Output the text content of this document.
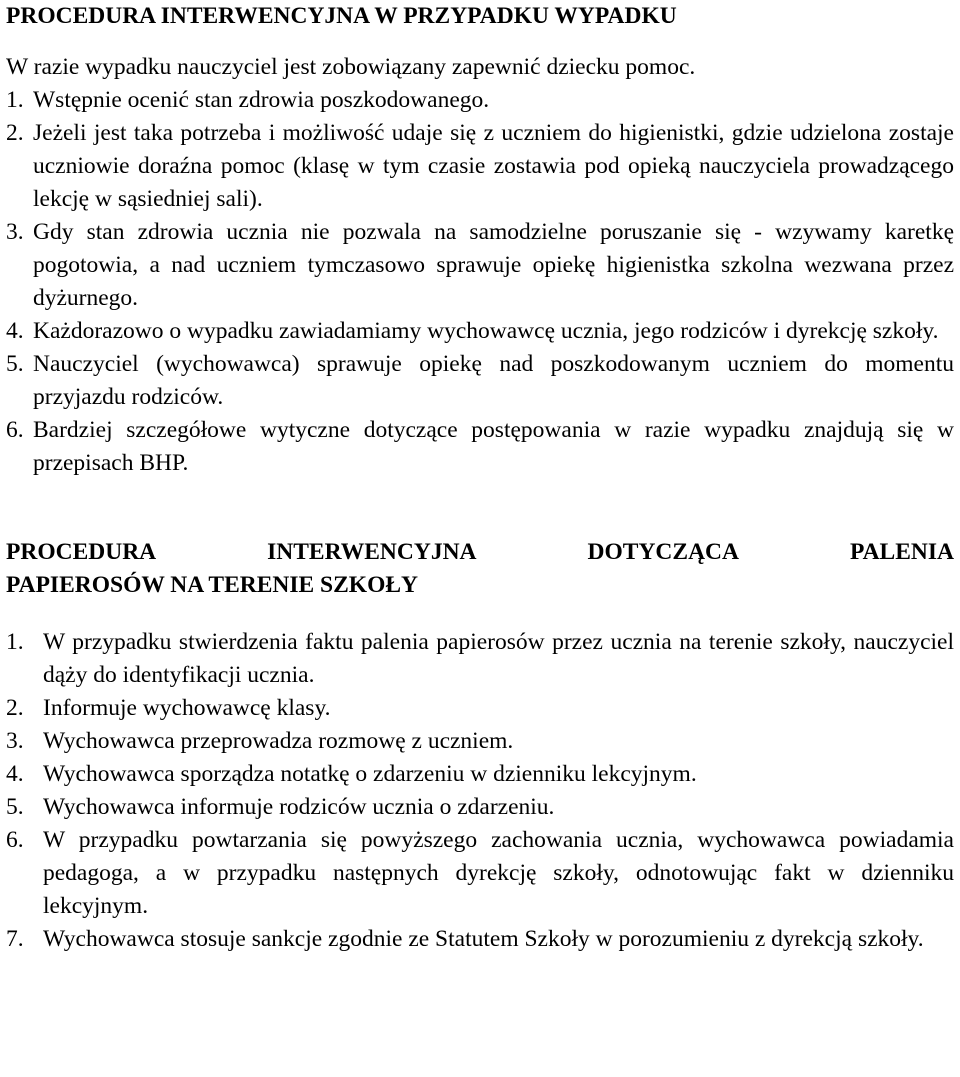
PROCEDURA INTERWENCYJNA W PRZYPADKU WYPADKU

W razie wypadku nauczyciel jest zobowiązany zapewnić dziecku pomoc.

1. Wstępnie ocenić stan zdrowia poszkodowanego.
2. Jeżeli jest taka potrzeba i możliwość udaje się z uczniem do higienistki, gdzie udzielona zostaje uczniowie doraźna pomoc (klasę w tym czasie zostawia pod opieką nauczyciela prowadzącego lekcję w sąsiedniej sali).
3. Gdy stan zdrowia ucznia nie pozwala na samodzielne poruszanie się - wzywamy karetkę pogotowia, a nad uczniem tymczasowo sprawuje opiekę higienistka szkolna wezwana przez dyżurnego.
4. Każdorazowo o wypadku zawiadamiamy wychowawcę ucznia, jego rodziców i dyrekcję szkoły.
5. Nauczyciel (wychowawca) sprawuje opiekę nad poszkodowanym uczniem do momentu przyjazdu rodziców.
6. Bardziej szczegółowe wytyczne dotyczące postępowania w razie wypadku znajdują się w przepisach BHP.
PROCEDURA INTERWENCYJNA DOTYCZĄCA PALENIA
PAPIEROSÓW NA TERENIE SZKOŁY
1. W przypadku stwierdzenia faktu palenia papierosów przez ucznia na terenie szkoły, nauczyciel dąży do identyfikacji ucznia.
2. Informuje wychowawcę klasy.
3. Wychowawca przeprowadza rozmowę z uczniem.
4. Wychowawca sporządza notatkę o zdarzeniu w dzienniku lekcyjnym.
5. Wychowawca informuje rodziców ucznia o zdarzeniu.
6. W przypadku powtarzania się powyższego zachowania ucznia, wychowawca powiadamia pedagoga, a w przypadku następnych dyrekcję szkoły, odnotowując fakt w dzienniku lekcyjnym.
7. Wychowawca stosuje sankcje zgodnie ze Statutem Szkoły w porozumieniu z dyrekcją szkoły.
